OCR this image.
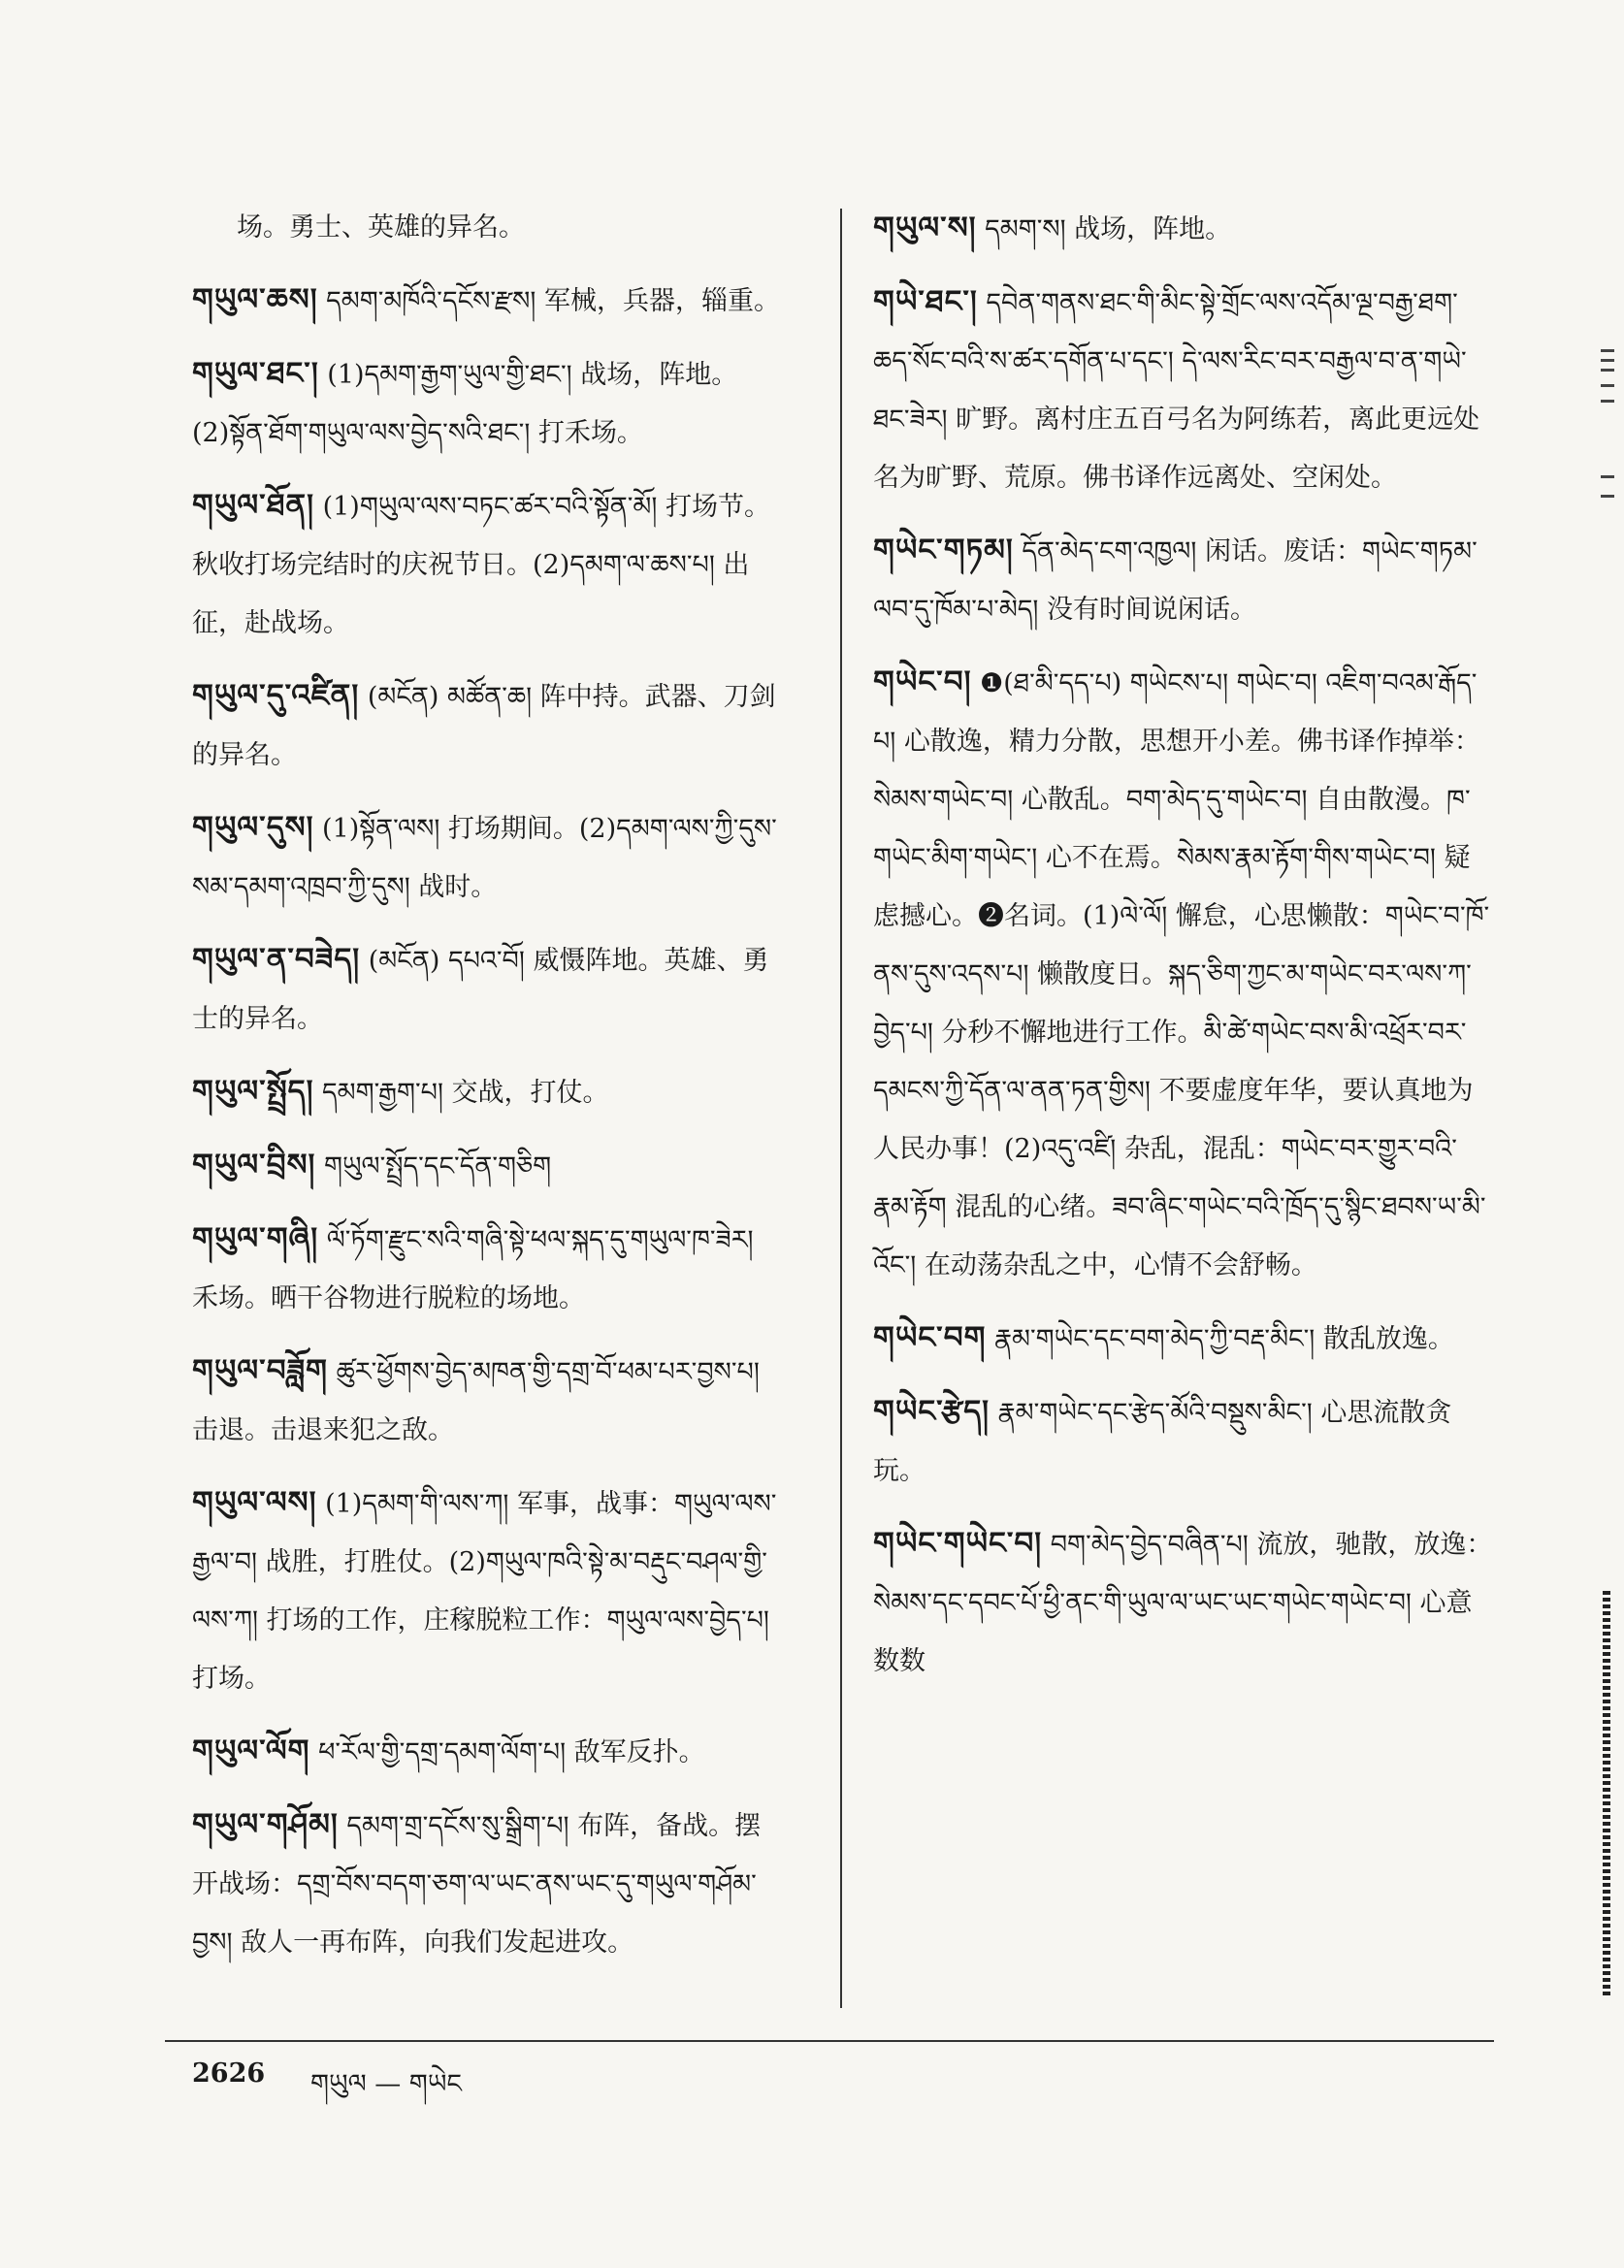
场。勇士、英雄的异名。
གཡུལ་ཆས། དམག་མཁོའི་དངོས་རྫས། 军械，兵器，辎重。
གཡུལ་ཐང་། (1)དམག་རྒྱག་ཡུལ་གྱི་ཐང་། 战场，阵地。(2)སྟོན་ཐོག་གཡུལ་ལས་བྱེད་སའི་ཐང་། 打禾场。
གཡུལ་ཐོན། (1)གཡུལ་ལས་བཏང་ཚར་བའི་སྟོན་མོ། 打场节。秋收打场完结时的庆祝节日。(2)དམག་ལ་ཆས་པ། 出征，赴战场。
གཡུལ་དུ་འཛིན། (མངོན) མཚོན་ཆ། 阵中持。武器、刀剑的异名。
གཡུལ་དུས། (1)སྟོན་ལས། 打场期间。(2)དམག་ལས་ཀྱི་དུས་སམ་དམག་འཁྲབ་ཀྱི་དུས། 战时。
གཡུལ་ན་བཟེད། (མངོན) དཔའ་བོ། 威慑阵地。英雄、勇士的异名。
གཡུལ་སྤྲོད། དམག་རྒྱག་པ། 交战，打仗。
གཡུལ་བྲིས། གཡུལ་སྤྲོད་དང་དོན་གཅིག
གཡུལ་གཞི། ལོ་ཏོག་རྫུང་སའི་གཞི་སྟེ་ཕལ་སྐད་དུ་གཡུལ་ཁ་ཟེར། 禾场。晒干谷物进行脱粒的场地。
གཡུལ་བཟློག ཚུར་ཕྱོགས་བྱེད་མཁན་གྱི་དགྲ་བོ་ཕམ་པར་བྱས་པ། 击退。击退来犯之敌。
གཡུལ་ལས། (1)དམག་གི་ལས་ཀ། 军事，战事：གཡུལ་ལས་རྒྱལ་བ། 战胜，打胜仗。(2)གཡུལ་ཁའི་སྟེ་མ་བརྡུང་བཤལ་གྱི་ལས་ཀ། 打场的工作，庄稼脱粒工作：གཡུལ་ལས་བྱེད་པ། 打场。
གཡུལ་ལོག ཕ་རོལ་གྱི་དགྲ་དམག་ལོག་པ། 敌军反扑。
གཡུལ་གཤོམ། དམག་གྲ་དངོས་སུ་སྒྲིག་པ། 布阵，备战。摆开战场：དགྲ་བོས་བདག་ཅག་ལ་ཡང་ནས་ཡང་དུ་གཡུལ་གཤོམ་བྱས། 敌人一再布阵，向我们发起进攻。
གཡུལ་ས། དམག་ས། 战场，阵地。
གཡེ་ཐང་། དབེན་གནས་ཐང་གི་མིང་སྟེ་གྲོང་ལས་འདོམ་ལྔ་བརྒྱ་ཐག་ཆད་སོང་བའི་ས་ཚར་དགོན་པ་དང་། དེ་ལས་རིང་བར་བརྒྱལ་བ་ན་གཡེ་ཐང་ཟེར། 旷野。离村庄五百弓名为阿练若，离此更远处名为旷野、荒原。佛书译作远离处、空闲处。
གཡེང་གཏམ། དོན་མེད་ངག་འཁྱལ། 闲话。废话：གཡེང་གཏམ་ལབ་དུ་ཁོམ་པ་མེད། 没有时间说闲话。
གཡེང་བ། ❶(ཐ་མི་དད་པ) གཡེངས་པ། གཡེང་བ། འཇིག་བའམ་རྒོད་པ། 心散逸，精力分散，思想开小差。佛书译作掉举：སེམས་གཡེང་བ། 心散乱。བག་མེད་དུ་གཡེང་བ། 自由散漫。ཁ་གཡེང་མིག་གཡེང་། 心不在焉。སེམས་རྣམ་རྟོག་གིས་གཡེང་བ། 疑虑撼心。❷名词。(1)ལེ་ལོ། 懈怠，心思懒散：གཡེང་བ་ཁོ་ནས་དུས་འདས་པ། 懒散度日。སྐད་ཅིག་ཀྱང་མ་གཡེང་བར་ལས་ཀ་བྱེད་པ། 分秒不懈地进行工作。མི་ཚེ་གཡེང་བས་མི་འཕྲོར་བར་དམངས་ཀྱི་དོན་ལ་ནན་ཏན་གྱིས། 不要虚度年华，要认真地为人民办事！(2)འདུ་འཛི། 杂乱，混乱：གཡེང་བར་གྱུར་བའི་རྣམ་རྟོག 混乱的心绪。ཟབ་ཞིང་གཡེང་བའི་ཁྲོད་དུ་སྙིང་ཐབས་ཡ་མི་འོང་། 在动荡杂乱之中，心情不会舒畅。
གཡེང་བག རྣམ་གཡེང་དང་བག་མེད་ཀྱི་བརྡ་མིང་། 散乱放逸。
གཡེང་རྩེད། རྣམ་གཡེང་དང་རྩེད་མོའི་བསྡུས་མིང་། 心思流散贪玩。
གཡེང་གཡེང་བ། བག་མེད་བྱེད་བཞིན་པ། 流放，驰散，放逸：སེམས་དང་དབང་པོ་ཕྱི་ནང་གི་ཡུལ་ལ་ཡང་ཡང་གཡེང་གཡེང་བ། 心意数数
2626 གཡུལ — གཡེང
